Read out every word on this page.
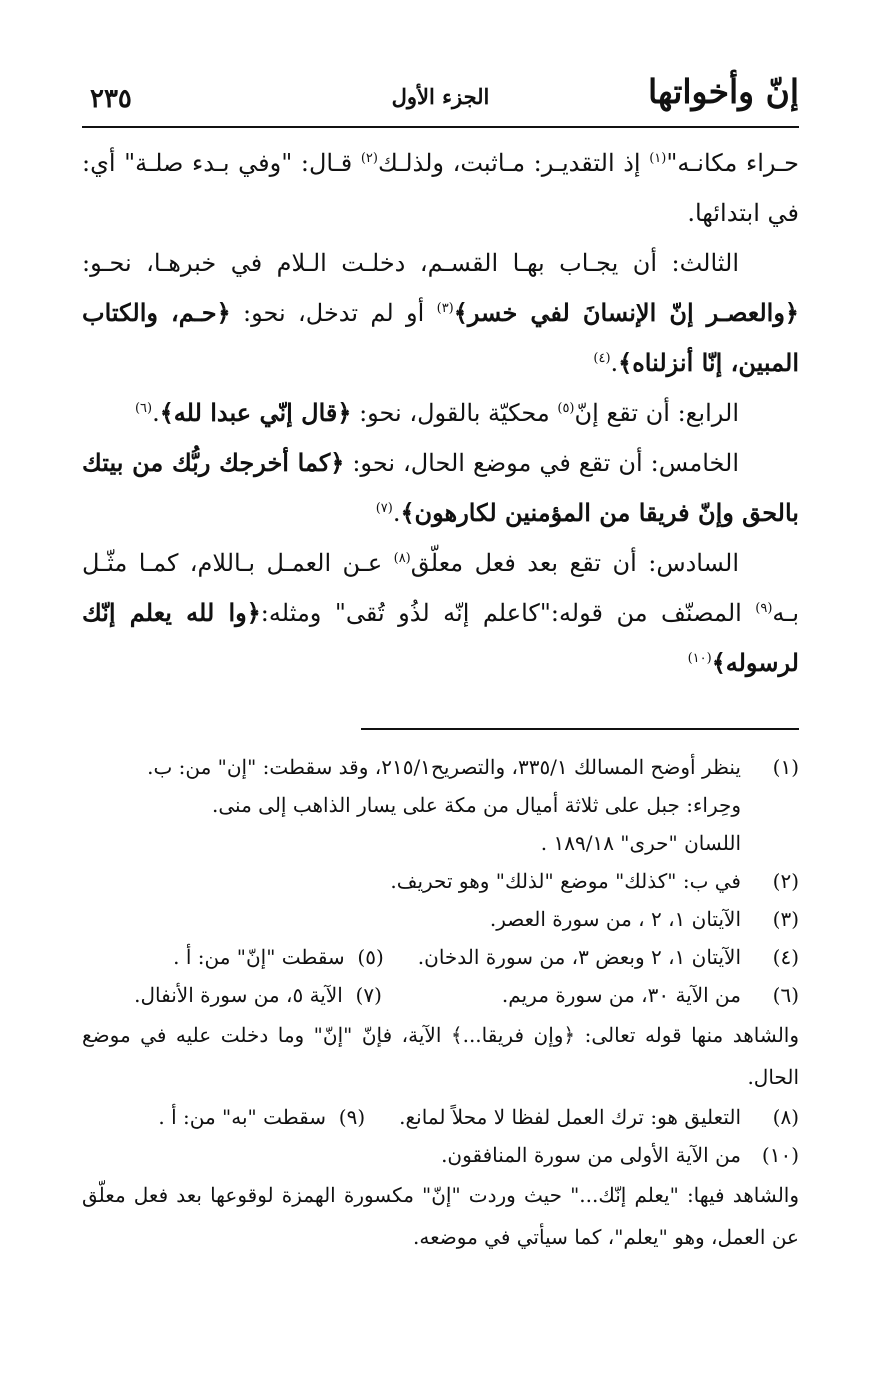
إنّ وأخواتها
الجزء الأول
٢٣٥

حـراء مكانـه"$^{(١)}$ إذ التقديـر: مـاثبت، ولذلـك$^{(٢)}$ قـال: "وفي بـدء صلـة" أي: في ابتدائها.

الثالث: أن يجـاب بهـا القسـم، دخلـت الـلام في خبرهـا، نحـو: ﴿والعصـر إنّ الإنسانَ لفي خسر﴾$^{(٣)}$ أو لم تدخل، نحو: ﴿حـم، والكتاب المبين، إنّا أنزلناه﴾.$^{(٤)}$

الرابع: أن تقع إنّ$^{(٥)}$ محكيّة بالقول، نحو: ﴿قال إنّي عبدا لله﴾.$^{(٦)}$

الخامس: أن تقع في موضع الحال، نحو: ﴿كما أخرجك ربُّك من بيتك بالحق وإنّ فريقا من المؤمنين لكارهون﴾.$^{(٧)}$

السادس: أن تقع بعد فعل معلّق$^{(٨)}$ عـن العمـل بـاللام، كمـا مثّـل بـه$^{(٩)}$ المصنّف من قوله:"كاعلم إنّه لذُو تُقى" ومثله:﴿وا لله يعلم إنّك لرسوله﴾$^{(١٠)}$

(١)
ينظر أوضح المسالك ٣٣٥/١، والتصريح٢١٥/١، وقد سقطت: "إن" من: ب.
وحِراء: جبل على ثلاثة أميال من مكة على يسار الذاهب إلى منى.
اللسان "حرى" ١٨٩/١٨ .
(٢)
في ب: "كذلك" موضع "لذلك" وهو تحريف.
(٣)
الآيتان ١، ٢ ، من سورة العصر.
(٤)
الآيتان ١، ٢ وبعض ٣، من سورة الدخان.(٥)  سقطت "إنّ" من: أ .
(٦)
من الآية ٣٠، من سورة مريم.(٧)  الآية ٥، من سورة الأنفال.
والشاهد منها قوله تعالى: ﴿وإن فريقا...﴾ الآية، فإنّ "إنّ" وما دخلت عليه في موضع الحال.
(٨)
التعليق هو: ترك العمل لفظا لا محلاً لمانع.(٩)  سقطت "به" من: أ .
(١٠)
من الآية الأولى من سورة المنافقون.
والشاهد فيها: "يعلم إنّك..." حيث وردت "إنّ" مكسورة الهمزة لوقوعها بعد فعل معلّق عن العمل، وهو "يعلم"، كما سيأتي في موضعه.
